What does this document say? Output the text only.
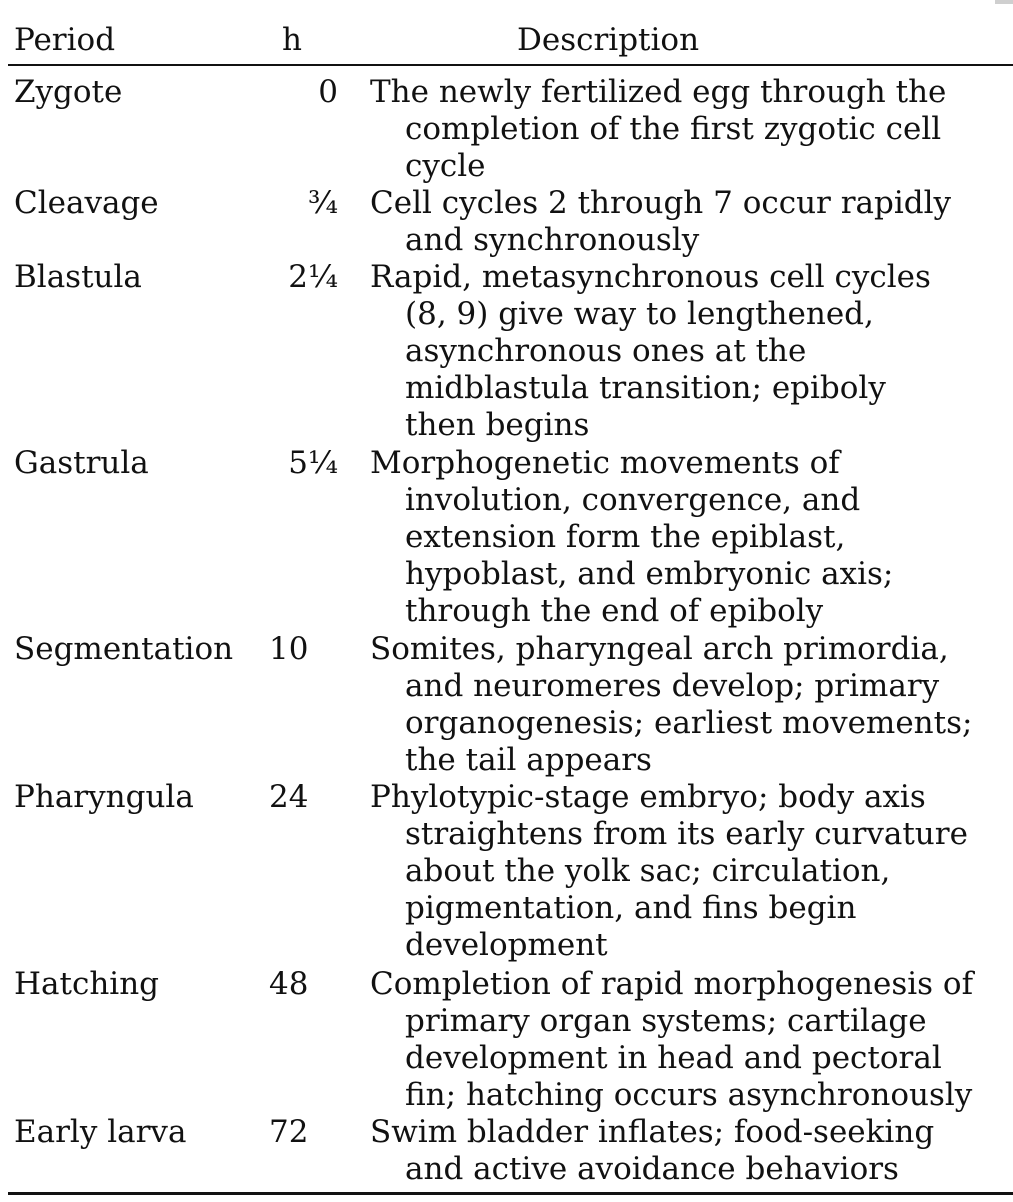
Period	h	Description
Zygote	0 The newly fertilized egg through the
completion of the first zygotic cell
cycle
Cleavage	¾ Cell cycles 2 through 7 occur rapidly
and synchronously
Blastula	2¼ Rapid, metasynchronous cell cycles
(8, 9) give way to lengthened,
asynchronous ones at the
midblastula transition; epiboly
then begins
Gastrula	5¼ Morphogenetic movements of
involution, convergence, and
extension form the epiblast,
hypoblast, and embryonic axis;
through the end of epiboly
Segmentation 10 Somites, pharyngeal arch primordia,
and neuromeres develop; primary
organogenesis; earliest movements;
the tail appears
Pharyngula 24 Phylotypic-stage embryo; body axis
straightens from its early curvature
about the yolk sac; circulation,
pigmentation, and fins begin
development
Hatching	48 Completion of rapid morphogenesis of
primary organ systems; cartilage
development in head and pectoral
fin; hatching occurs asynchronously
Early larva	72 Swim bladder inflates; food-seeking
and active avoidance behaviors
